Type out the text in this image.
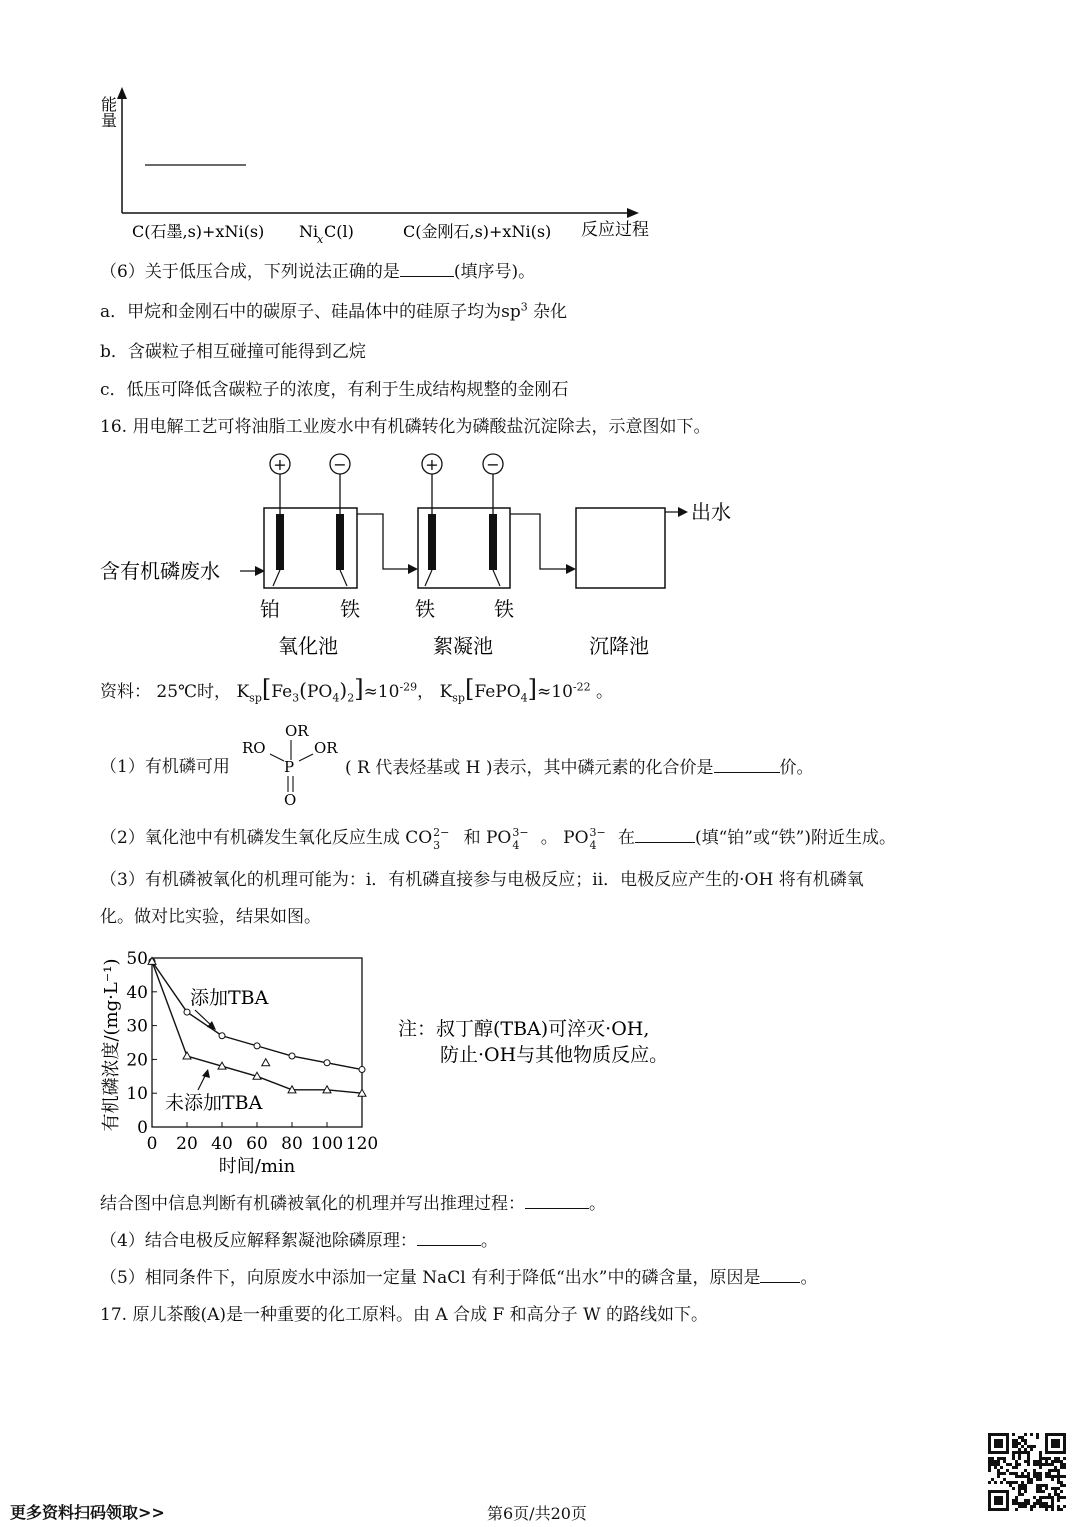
能量
C(石墨,s)+xNi(s) Ni
x C(l)	C(金刚石,s)+xNi(s) 反应过程
（6）关于低压合成，下列说法正确的是	(填序号)。
a．甲烷和金刚石中的碳原子、硅晶体中的硅原子均为$sp^3$ 杂化
b．含碳粒子相互碰撞可能得到乙烷
c．低压可降低含碳粒子的浓度，有利于生成结构规整的金刚石
16. 用电解工艺可将油脂工业废水中有机磷转化为磷酸盐沉淀除去，示意图如下。
+	−	+	−
含有机磷废水
出水
铂	铁	铁	铁
氧化池	絮凝池	沉降池
资料： 25℃时， $K_{sp}[Fe_3(PO_4)_2]\approx 10^{-29}$， $K_{sp}[FePO_4]\approx 10^{-22}$ 。
（1）有机磷可用
OR
RO	OR
P
O
( R 代表烃基或 H )表示，其中磷元素的化合价是	价。
（2）氧化池中有机磷发生氧化反应生成 CO 2−
3 和 PO 3−
4 。 PO 3−
4 在	(填“铂”或“铁”)附近生成。
（3）有机磷被氧化的机理可能为：ⅰ．有机磷直接参与电极反应；ⅱ．电极反应产生的·OH 将有机磷氧
化。做对比实验，结果如图。
0 20 40 60 80 100 120
0
10
20
30
40
50
时间/min
有机磷浓度/(mg·L⁻¹)	添加TBA
未添加TBA
注：叔丁醇(TBA)可淬灭·OH,
防止·OH与其他物质反应。
结合图中信息判断有机磷被氧化的机理并写出推理过程：	。
（4）结合电极反应解释絮凝池除磷原理：	。
（5）相同条件下，向原废水中添加一定量 NaCl 有利于降低“出水”中的磷含量，原因是 。
17. 原儿茶酸(A)是一种重要的化工原料。由 A 合成 F 和高分子 W 的路线如下。
更多资料扫码领取>>	第6页/共20页
